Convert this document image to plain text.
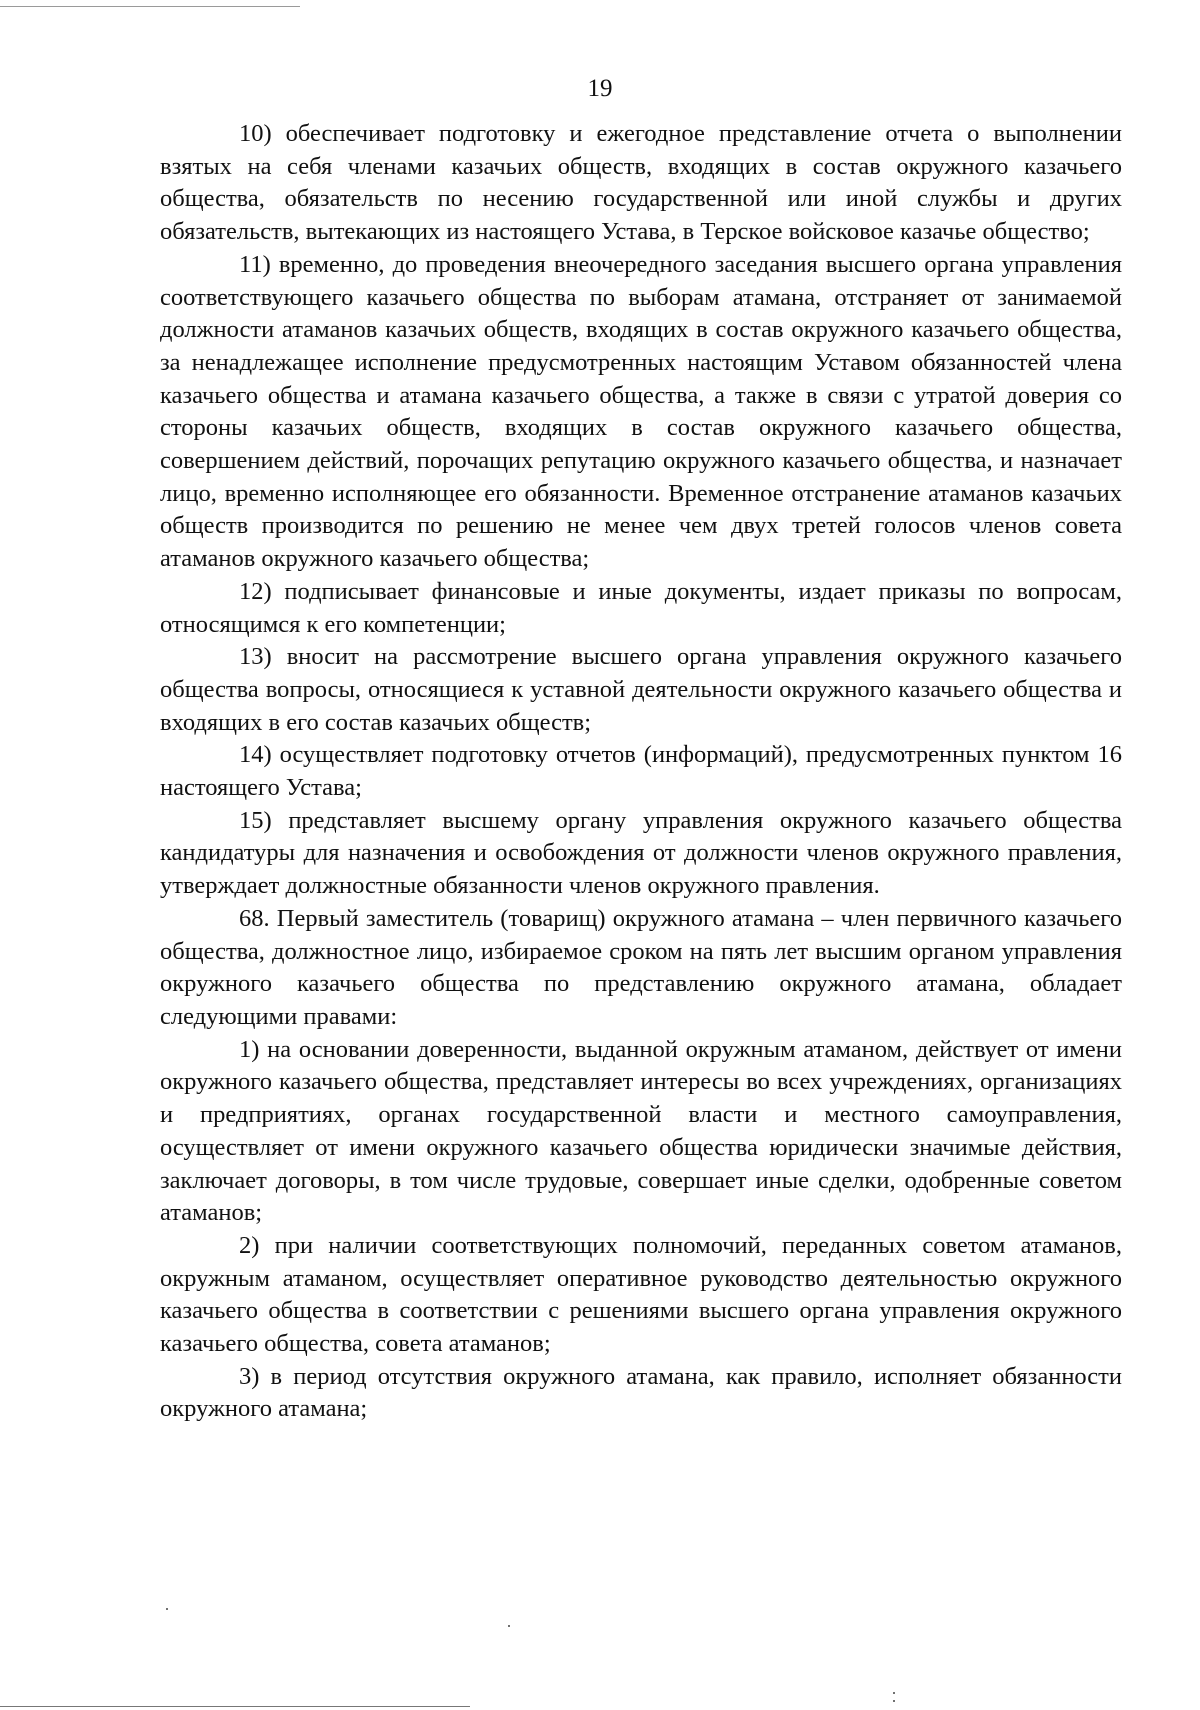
19

10) обеспечивает подготовку и ежегодное представление отчета о выполнении взятых на себя членами казачьих обществ, входящих в состав окружного казачьего общества, обязательств по несению государственной или иной службы и других обязательств, вытекающих из настоящего Устава, в Терское войсковое казачье общество;

11) временно, до проведения внеочередного заседания высшего органа управления соответствующего казачьего общества по выборам атамана, отстраняет от занимаемой должности атаманов казачьих обществ, входящих в состав окружного казачьего общества, за ненадлежащее исполнение предусмотренных настоящим Уставом обязанностей члена казачьего общества и атамана казачьего общества, а также в связи с утратой доверия со стороны казачьих обществ, входящих в состав окружного казачьего общества, совершением действий, порочащих репутацию окружного казачьего общества, и назначает лицо, временно исполняющее его обязанности. Временное отстранение атаманов казачьих обществ производится по решению не менее чем двух третей голосов членов совета атаманов окружного казачьего общества;

12) подписывает финансовые и иные документы, издает приказы по вопросам, относящимся к его компетенции;

13) вносит на рассмотрение высшего органа управления окружного казачьего общества вопросы, относящиеся к уставной деятельности окружного казачьего общества и входящих в его состав казачьих обществ;

14) осуществляет подготовку отчетов (информаций), предусмотренных пунктом 16 настоящего Устава;

15) представляет высшему органу управления окружного казачьего общества кандидатуры для назначения и освобождения от должности членов окружного правления, утверждает должностные обязанности членов окружного правления.

68. Первый заместитель (товарищ) окружного атамана – член первичного казачьего общества, должностное лицо, избираемое сроком на пять лет высшим органом управления окружного казачьего общества по представлению окружного атамана, обладает следующими правами:

1) на основании доверенности, выданной окружным атаманом, действует от имени окружного казачьего общества, представляет интересы во всех учреждениях, организациях и предприятиях, органах государственной власти и местного самоуправления, осуществляет от имени окружного казачьего общества юридически значимые действия, заключает договоры, в том числе трудовые, совершает иные сделки, одобренные советом атаманов;

2) при наличии соответствующих полномочий, переданных советом атаманов, окружным атаманом, осуществляет оперативное руководство деятельностью окружного казачьего общества в соответствии с решениями высшего органа управления окружного казачьего общества, совета атаманов;

3) в период отсутствия окружного атамана, как правило, исполняет обязанности окружного атамана;
